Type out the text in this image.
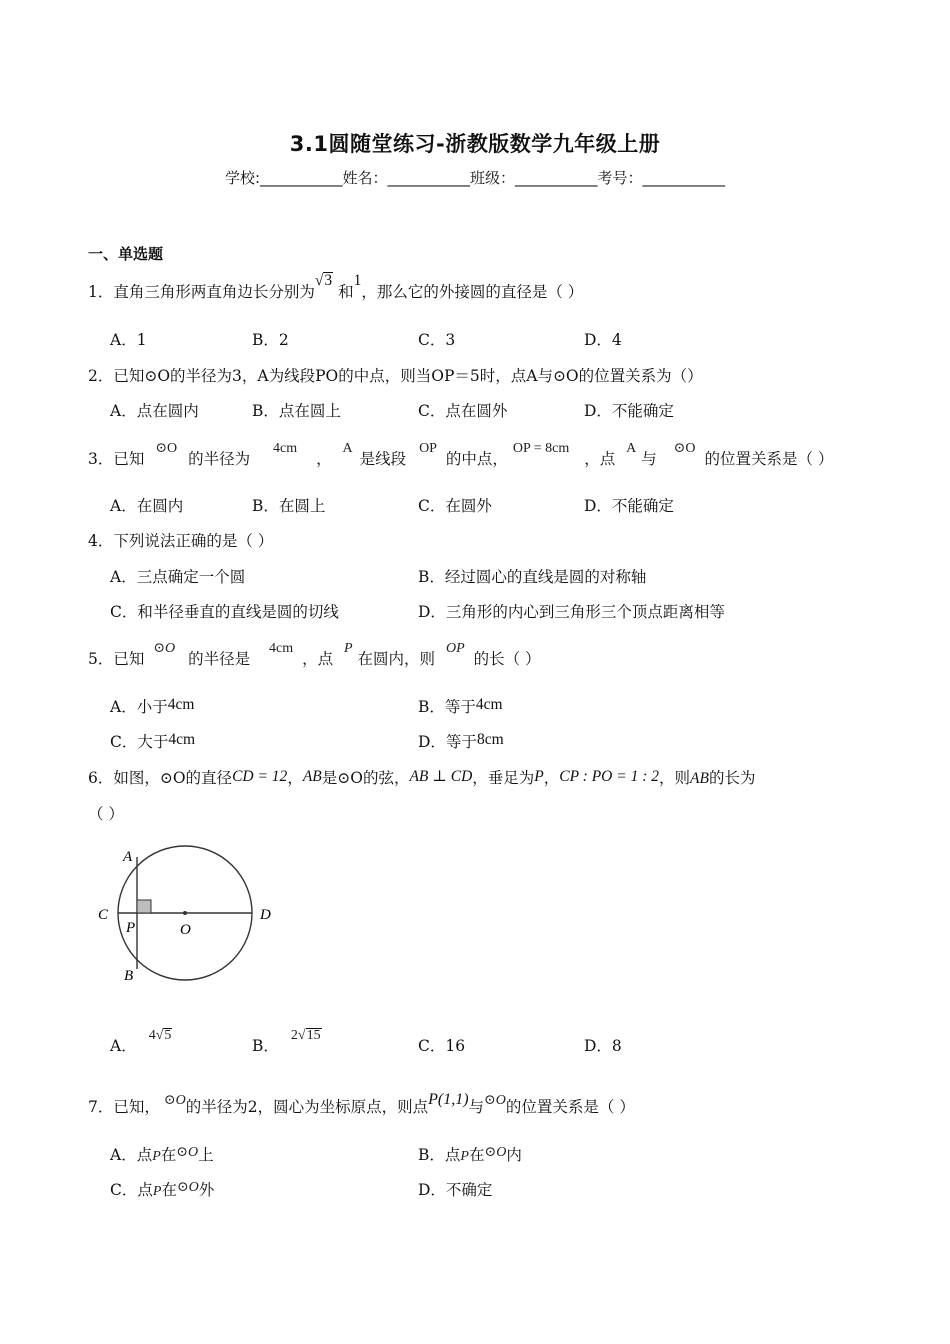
3.1圆随堂练习-浙教版数学九年级上册
学校:___________姓名：___________班级：___________考号：___________
一、单选题
1．直角三角形两直角边长分别为√3 和1，那么它的外接圆的直径是（ ）
A．1	B．2	C．3	D．4
2．已知⊙O的半径为3，A为线段PO的中点，则当OP＝5时，点A与⊙O的位置关系为（）
A．点在圆内	B．点在圆上	C．点在圆外	D．不能确定
3．已知 ⊙O 的半径为 4cm ， A 是线段 OP 的中点， OP = 8cm ，点 A 与 ⊙O 的位置关系是（ ）
A．在圆内	B．在圆上	C．在圆外	D．不能确定
4．下列说法正确的是（ ）
A．三点确定一个圆	B．经过圆心的直线是圆的对称轴
C．和半径垂直的直线是圆的切线	D．三角形的内心到三角形三个顶点距离相等
5．已知 ⊙O 的半径是 4cm ，点 P 在圆内，则 OP 的长（ ）
A．小于4cm	B．等于4cm
C．大于4cm	D．等于8cm
6．如图，⊙O的直径CD = 12，AB是⊙O的弦，AB ⊥ CD，垂足为P，CP : PO = 1 : 2，则AB的长为
（ ）
A
B
C	D
P	O
A．4√5
B．2√15
C．16	D．8
7．已知， ⊙O的半径为2，圆心为坐标原点，则点P(1,1)与⊙O的位置关系是（ ）
A．点P在⊙O上	B．点P在⊙O内
C．点P在⊙O外	D．不确定
